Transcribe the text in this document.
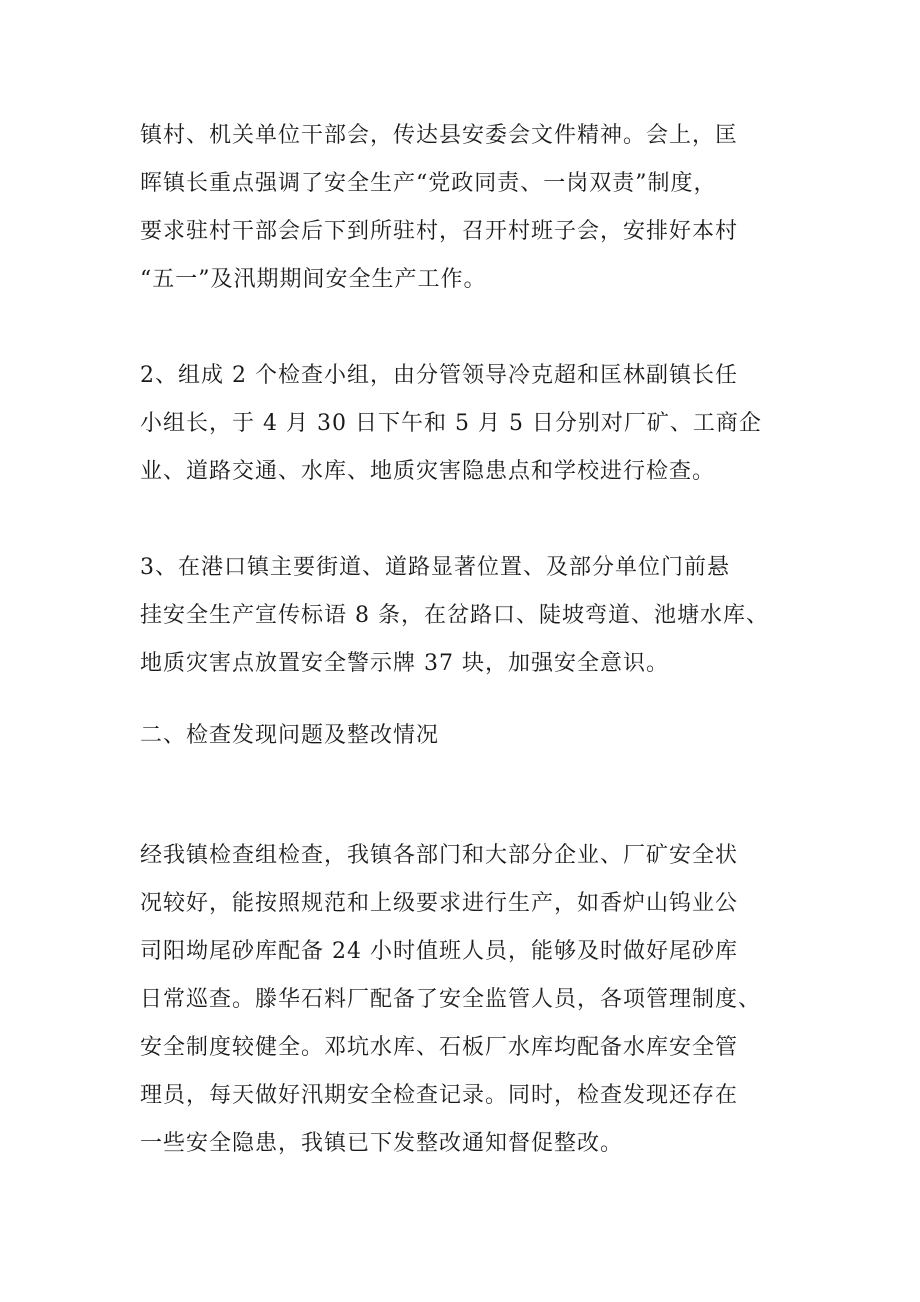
镇村、机关单位干部会，传达县安委会文件精神。会上，匡
晖镇长重点强调了安全生产“党政同责、一岗双责”制度，
要求驻村干部会后下到所驻村，召开村班子会，安排好本村
“五一”及汛期期间安全生产工作。

2、组成 2 个检查小组，由分管领导冷克超和匡林副镇长任
小组长，于 4 月 30 日下午和 5 月 5 日分别对厂矿、工商企
业、道路交通、水库、地质灾害隐患点和学校进行检查。

3、在港口镇主要街道、道路显著位置、及部分单位门前悬
挂安全生产宣传标语 8 条，在岔路口、陡坡弯道、池塘水库、
地质灾害点放置安全警示牌 37 块，加强安全意识。

二、检查发现问题及整改情况

经我镇检查组检查，我镇各部门和大部分企业、厂矿安全状
况较好，能按照规范和上级要求进行生产，如香炉山钨业公
司阳坳尾砂库配备 24 小时值班人员，能够及时做好尾砂库
日常巡查。滕华石料厂配备了安全监管人员，各项管理制度、
安全制度较健全。邓坑水库、石板厂水库均配备水库安全管
理员，每天做好汛期安全检查记录。同时，检查发现还存在
一些安全隐患，我镇已下发整改通知督促整改。
